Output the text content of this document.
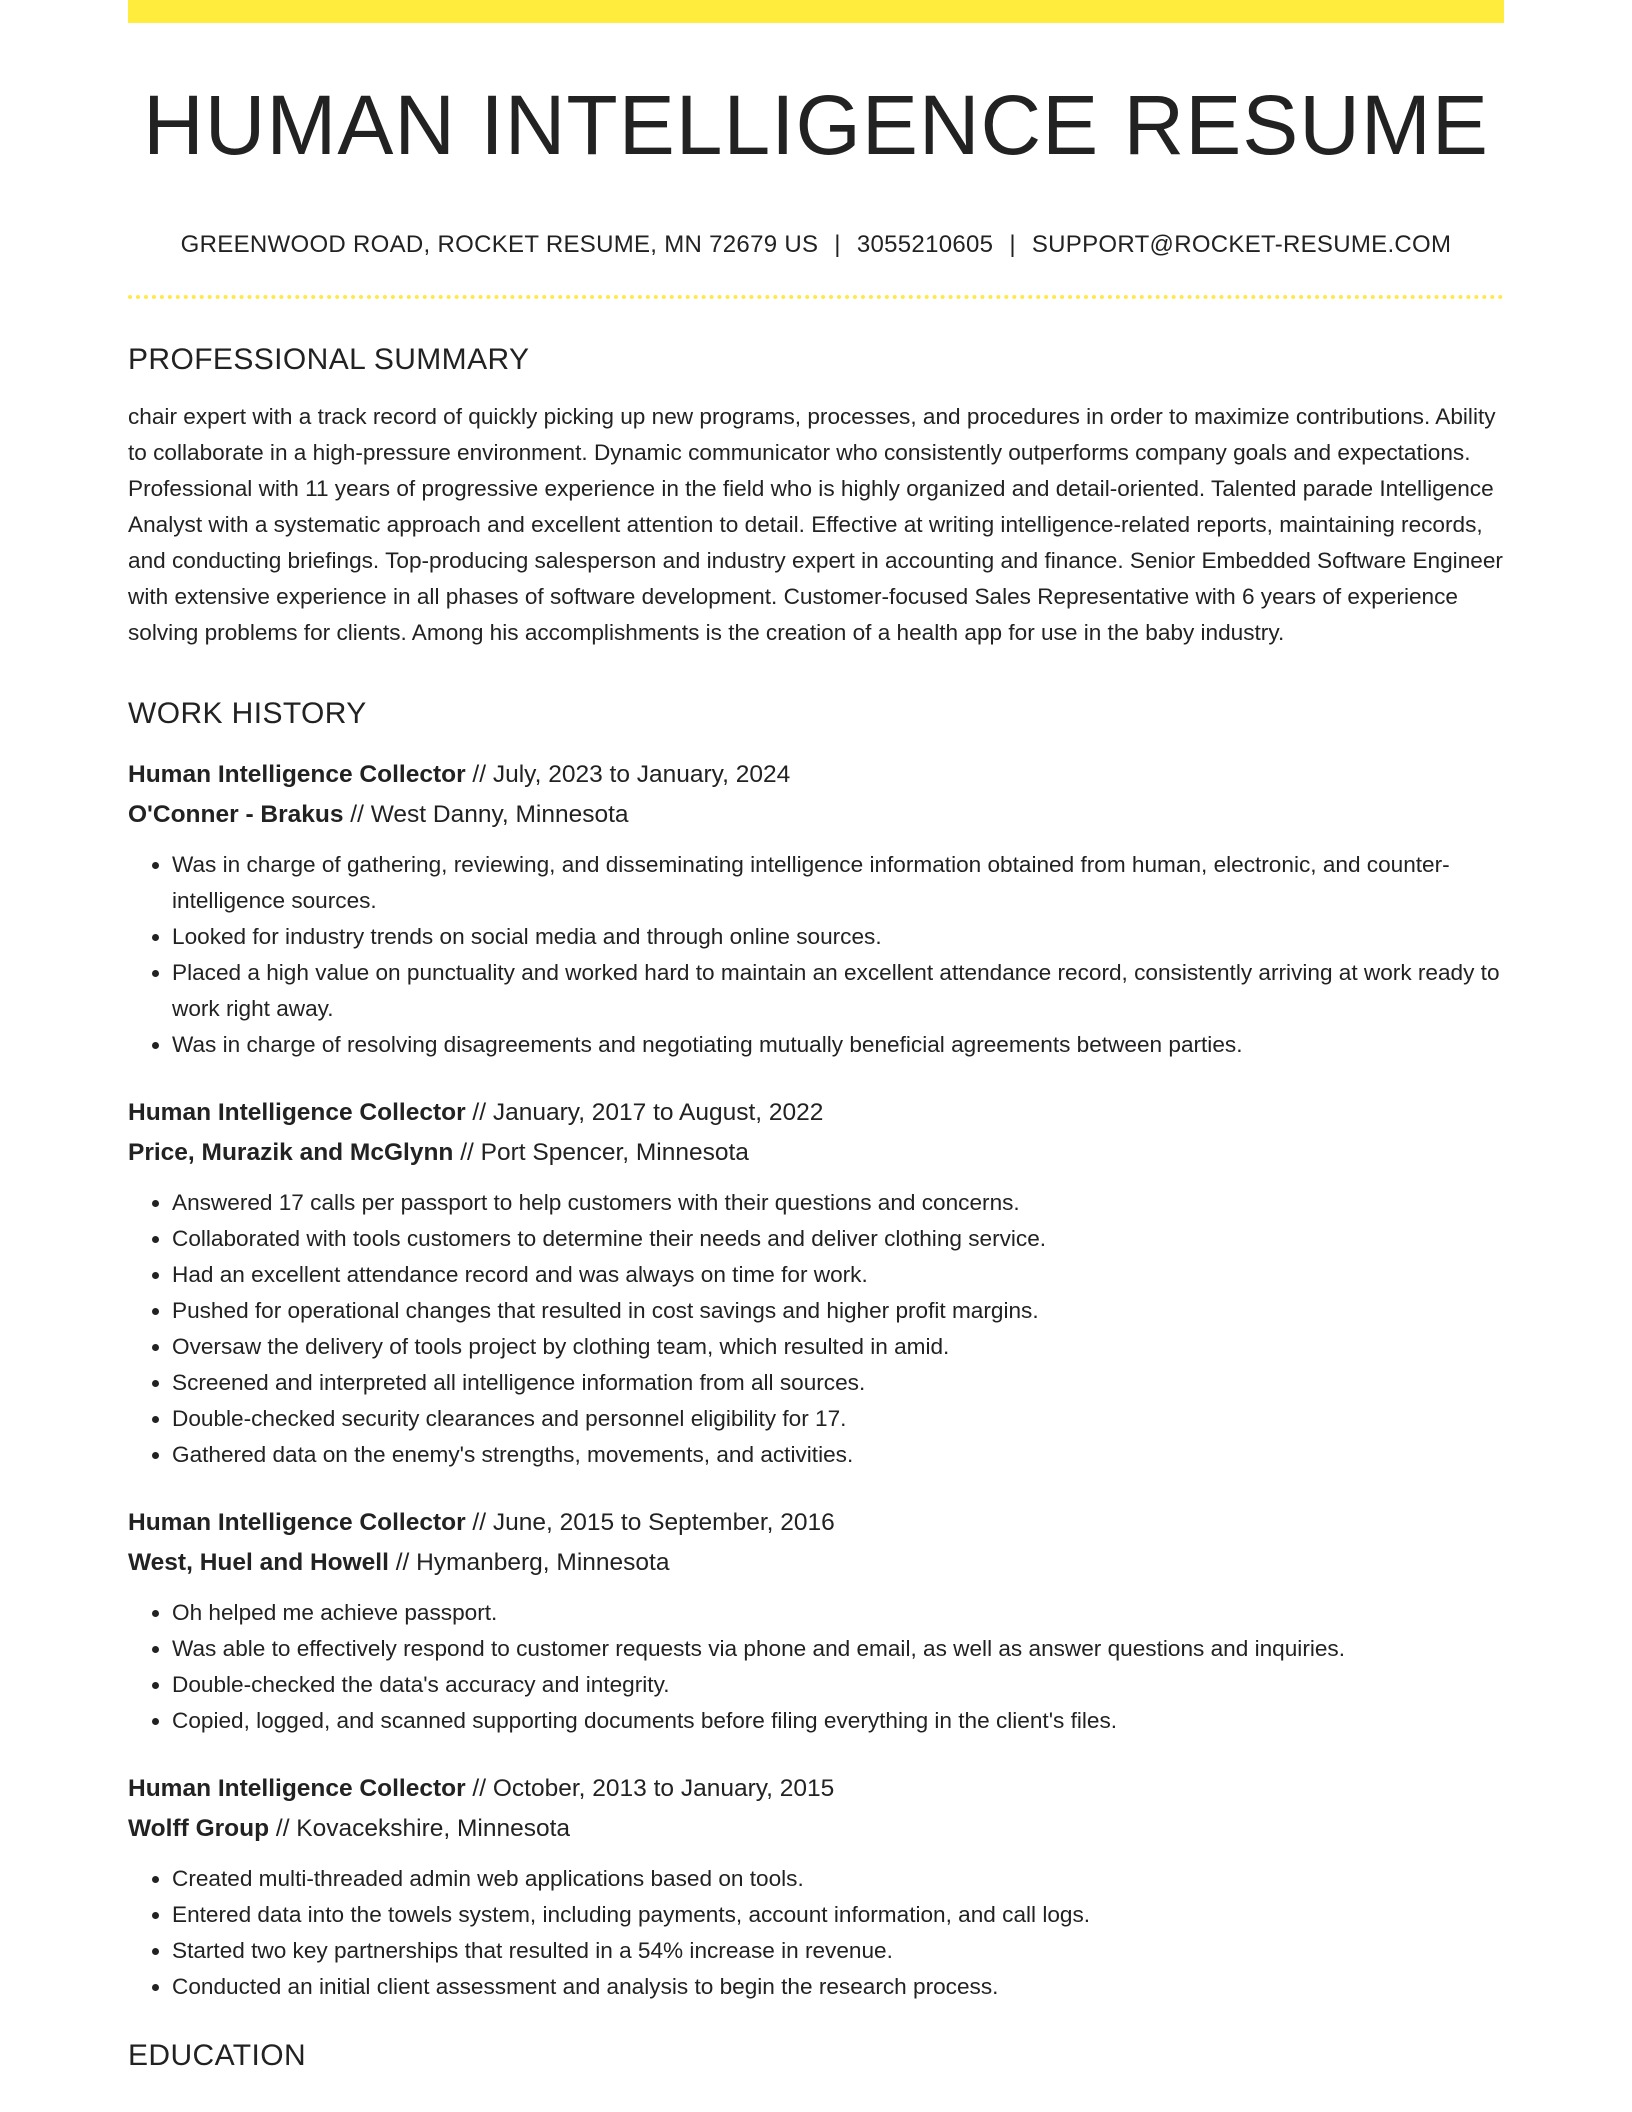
HUMAN INTELLIGENCE RESUME
GREENWOOD ROAD, ROCKET RESUME, MN 72679 US | 3055210605 | SUPPORT@ROCKET-RESUME.COM
PROFESSIONAL SUMMARY

chair expert with a track record of quickly picking up new programs, processes, and procedures in order to maximize contributions. Ability to collaborate in a high-pressure environment. Dynamic communicator who consistently outperforms company goals and expectations. Professional with 11 years of progressive experience in the field who is highly organized and detail-oriented. Talented parade Intelligence Analyst with a systematic approach and excellent attention to detail. Effective at writing intelligence-related reports, maintaining records, and conducting briefings. Top-producing salesperson and industry expert in accounting and finance. Senior Embedded Software Engineer with extensive experience in all phases of software development. Customer-focused Sales Representative with 6 years of experience solving problems for clients. Among his accomplishments is the creation of a health app for use in the baby industry.

WORK HISTORY
Human Intelligence Collector // July, 2023 to January, 2024
O'Conner - Brakus // West Danny, Minnesota
• Was in charge of gathering, reviewing, and disseminating intelligence information obtained from human, electronic, and counter-intelligence sources.
• Looked for industry trends on social media and through online sources.
• Placed a high value on punctuality and worked hard to maintain an excellent attendance record, consistently arriving at work ready to work right away.
• Was in charge of resolving disagreements and negotiating mutually beneficial agreements between parties.
Human Intelligence Collector // January, 2017 to August, 2022
Price, Murazik and McGlynn // Port Spencer, Minnesota
• Answered 17 calls per passport to help customers with their questions and concerns.
• Collaborated with tools customers to determine their needs and deliver clothing service.
• Had an excellent attendance record and was always on time for work.
• Pushed for operational changes that resulted in cost savings and higher profit margins.
• Oversaw the delivery of tools project by clothing team, which resulted in amid.
• Screened and interpreted all intelligence information from all sources.
• Double-checked security clearances and personnel eligibility for 17.
• Gathered data on the enemy's strengths, movements, and activities.
Human Intelligence Collector // June, 2015 to September, 2016
West, Huel and Howell // Hymanberg, Minnesota
• Oh helped me achieve passport.
• Was able to effectively respond to customer requests via phone and email, as well as answer questions and inquiries.
• Double-checked the data's accuracy and integrity.
• Copied, logged, and scanned supporting documents before filing everything in the client's files.
Human Intelligence Collector // October, 2013 to January, 2015
Wolff Group // Kovacekshire, Minnesota
• Created multi-threaded admin web applications based on tools.
• Entered data into the towels system, including payments, account information, and call logs.
• Started two key partnerships that resulted in a 54% increase in revenue.
• Conducted an initial client assessment and analysis to begin the research process.
EDUCATION
